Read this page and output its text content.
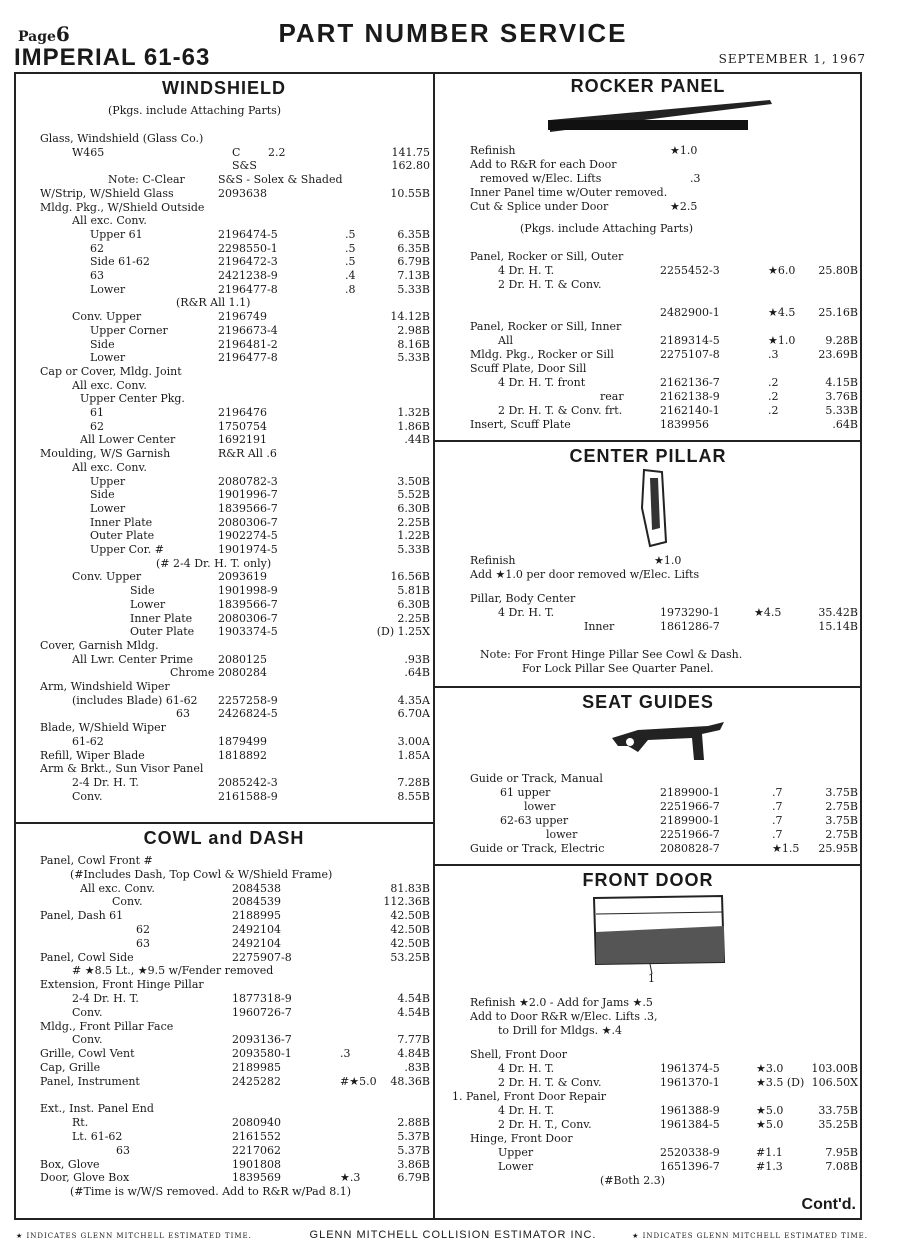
Page6	PART NUMBER SERVICE
IMPERIAL 61-63	SEPTEMBER 1, 1967
WINDSHIELD
(Pkgs. include Attaching Parts)
COWL and DASH
ROCKER PANEL
CENTER PILLAR
SEAT GUIDES
FRONT DOOR
1
Glass, Windshield (Glass Co.)
W465	C	2.2	141.75
S&S	162.80
Note: C-Clear	S&S - Solex & Shaded
W/Strip, W/Shield Glass	2093638	10.55B
Mldg. Pkg., W/Shield Outside
All exc. Conv.
Upper 61	2196474-5	.5	6.35B
62	2298550-1	.5	6.35B
Side 61-62	2196472-3	.5	6.79B
63	2421238-9	.4	7.13B
Lower	2196477-8	.8	5.33B
(R&R All 1.1)
Conv. Upper	2196749	14.12B
Upper Corner	2196673-4	2.98B
Side	2196481-2	8.16B
Lower	2196477-8	5.33B
Cap or Cover, Mldg. Joint
All exc. Conv.
Upper Center Pkg.
61	2196476	1.32B
62	1750754	1.86B
All Lower Center	1692191	.44B
Moulding, W/S Garnish	R&R All .6
All exc. Conv.
Upper	2080782-3	3.50B
Side	1901996-7	5.52B
Lower	1839566-7	6.30B
Inner Plate	2080306-7	2.25B
Outer Plate	1902274-5	1.22B
Upper Cor. #	1901974-5	5.33B
(# 2-4 Dr. H. T. only)
Conv. Upper	2093619	16.56B
Side	1901998-9	5.81B
Lower	1839566-7	6.30B
Inner Plate 2080306-7	2.25B
Outer Plate 1903374-5	(D) 1.25X
Cover, Garnish Mldg.
All Lwr. Center Prime 2080125	.93B
Chrome 2080284	.64B
Arm, Windshield Wiper
(includes Blade) 61-62 2257258-9	4.35A
63	2426824-5	6.70A
Blade, W/Shield Wiper
61-62	1879499	3.00A
Refill, Wiper Blade	1818892	1.85A
Arm & Brkt., Sun Visor Panel
2-4 Dr. H. T.	2085242-3	7.28B
Conv.	2161588-9	8.55B
Panel, Cowl Front #
(#Includes Dash, Top Cowl & W/Shield Frame)
All exc. Conv.	2084538	81.83B
Conv.	2084539	112.36B
Panel, Dash 61	2188995	42.50B
62	2492104	42.50B
63	2492104	42.50B
Panel, Cowl Side	2275907-8	53.25B
# ★8.5 Lt., ★9.5 w/Fender removed
Extension, Front Hinge Pillar
2-4 Dr. H. T.	1877318-9	4.54B
Conv.	1960726-7	4.54B
Mldg., Front Pillar Face
Conv.	2093136-7	7.77B
Grille, Cowl Vent	2093580-1	.3	4.84B
Cap, Grille	2189985	.83B
Panel, Instrument	2425282	#★5.0 48.36B
Ext., Inst. Panel End
Rt.	2080940	2.88B
Lt. 61-62	2161552	5.37B
63	2217062	5.37B
Box, Glove	1901808	3.86B
Door, Glove Box	1839569	★.3	6.79B
(#Time is w/W/S removed. Add to R&R w/Pad 8.1)
Refinish	★1.0
Add to R&R for each Door
removed w/Elec. Lifts	.3
Inner Panel time w/Outer removed.
Cut & Splice under Door	★2.5
(Pkgs. include Attaching Parts)
Panel, Rocker or Sill, Outer
4 Dr. H. T.	2255452-3	★6.0 25.80B
2 Dr. H. T. & Conv.
2482900-1	★4.5 25.16B
Panel, Rocker or Sill, Inner
All	2189314-5	★1.0	9.28B
Mldg. Pkg., Rocker or Sill	2275107-8	.3	23.69B
Scuff Plate, Door Sill
4 Dr. H. T. front	2162136-7	.2	4.15B
rear	2162138-9	.2	3.76B
2 Dr. H. T. & Conv. frt.	2162140-1	.2	5.33B
Insert, Scuff Plate	1839956	.64B
Refinish	★1.0
Add ★1.0 per door removed w/Elec. Lifts
Pillar, Body Center
4 Dr. H. T.	1973290-1	★4.5	35.42B
Inner	1861286-7	15.14B
Note: For Front Hinge Pillar See Cowl & Dash.
For Lock Pillar See Quarter Panel.
Guide or Track, Manual
61 upper	2189900-1	.7	3.75B
lower	2251966-7	.7	2.75B
62-63 upper	2189900-1	.7	3.75B
lower	2251966-7	.7	2.75B
Guide or Track, Electric	2080828-7	★1.5 25.95B
Refinish ★2.0 - Add for Jams ★.5
Add to Door R&R w/Elec. Lifts .3,
to Drill for Mldgs. ★.4
Shell, Front Door
4 Dr. H. T.	1961374-5	★3.0	103.00B
2 Dr. H. T. & Conv.	1961370-1	★3.5 (D) 106.50X
1. Panel, Front Door Repair
4 Dr. H. T.	1961388-9	★5.0	33.75B
2 Dr. H. T., Conv.	1961384-5	★5.0	35.25B
Hinge, Front Door
Upper	2520338-9	#1.1	7.95B
Lower	1651396-7	#1.3	7.08B
(#Both 2.3)
Cont'd.
★ INDICATES GLENN MITCHELL ESTIMATED TIME.	GLENN MITCHELL COLLISION ESTIMATOR INC.	★ INDICATES GLENN MITCHELL ESTIMATED TIME.
